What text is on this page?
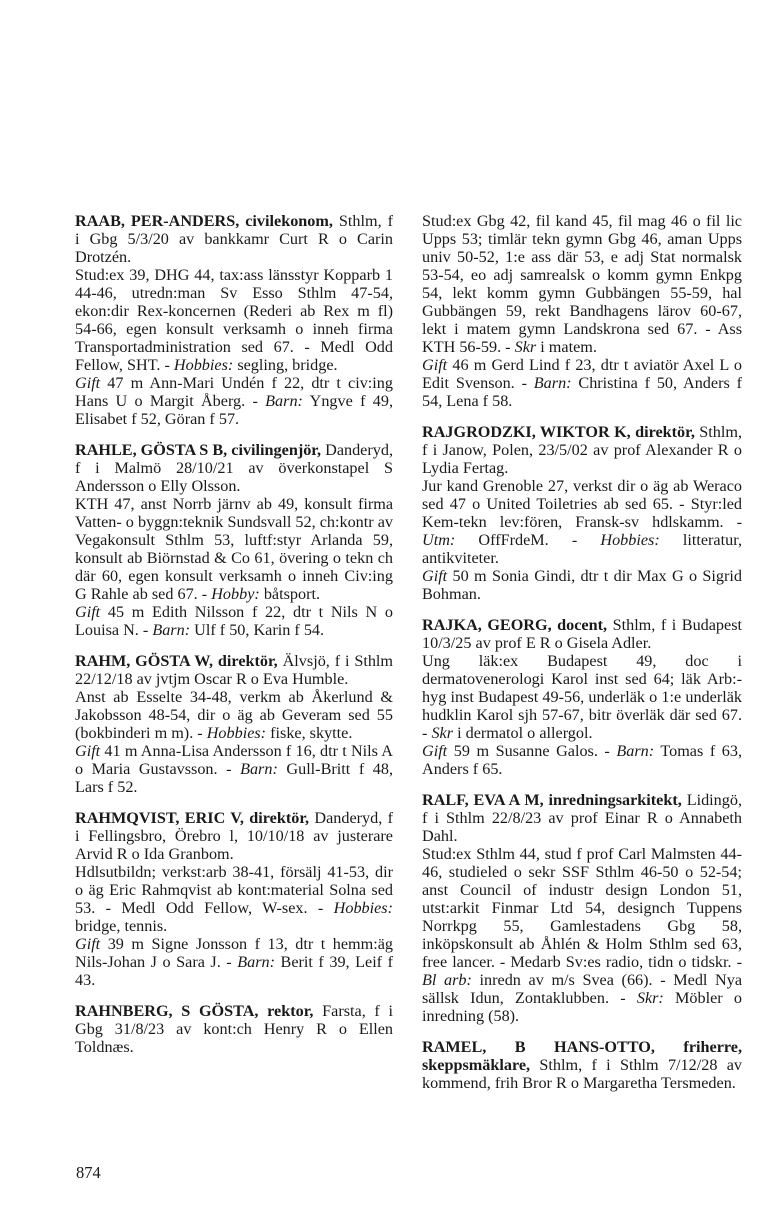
RAAB, PER-ANDERS, civilekonom, Sthlm, f i Gbg 5/3/20 av bankkamr Curt R o Carin Drotzén.

Stud:ex 39, DHG 44, tax:ass länsstyr Kopparb 1 44-46, utredn:man Sv Esso Sthlm 47-54, ekon:dir Rex-koncernen (Rederi ab Rex m fl) 54-66, egen konsult verksamh o inneh firma Transportadministration sed 67. - Medl Odd Fellow, SHT. - Hobbies: segling, bridge.

Gift 47 m Ann-Mari Undén f 22, dtr t civ:ing Hans U o Margit Åberg. - Barn: Yngve f 49, Elisabet f 52, Göran f 57.

RAHLE, GÖSTA S B, civilingenjör, Danderyd, f i Malmö 28/10/21 av överkonstapel S Andersson o Elly Olsson.

KTH 47, anst Norrb järnv ab 49, konsult firma Vatten- o byggn:teknik Sundsvall 52, ch:kontr av Vegakonsult Sthlm 53, luftf:styr Arlanda 59, konsult ab Biörnstad & Co 61, övering o tekn ch där 60, egen konsult verksamh o inneh Civ:ing G Rahle ab sed 67. - Hobby: båtsport.

Gift 45 m Edith Nilsson f 22, dtr t Nils N o Louisa N. - Barn: Ulf f 50, Karin f 54.

RAHM, GÖSTA W, direktör, Älvsjö, f i Sthlm 22/12/18 av jvtjm Oscar R o Eva Humble.

Anst ab Esselte 34-48, verkm ab Åkerlund & Jakobsson 48-54, dir o äg ab Geveram sed 55 (bokbinderi m m). - Hobbies: fiske, skytte.

Gift 41 m Anna-Lisa Andersson f 16, dtr t Nils A o Maria Gustavsson. - Barn: Gull-Britt f 48, Lars f 52.

RAHMQVIST, ERIC V, direktör, Danderyd, f i Fellingsbro, Örebro l, 10/10/18 av justerare Arvid R o Ida Granbom.

Hdlsutbildn; verkst:arb 38-41, försälj 41-53, dir o äg Eric Rahmqvist ab kont:material Solna sed 53. - Medl Odd Fellow, W-sex. - Hobbies: bridge, tennis.

Gift 39 m Signe Jonsson f 13, dtr t hemm:äg Nils-Johan J o Sara J. - Barn: Berit f 39, Leif f 43.

RAHNBERG, S GÖSTA, rektor, Farsta, f i Gbg 31/8/23 av kont:ch Henry R o Ellen Toldnæs.

Stud:ex Gbg 42, fil kand 45, fil mag 46 o fil lic Upps 53; timlär tekn gymn Gbg 46, aman Upps univ 50-52, 1:e ass där 53, e adj Stat normalsk 53-54, eo adj samrealsk o komm gymn Enkpg 54, lekt komm gymn Gubbängen 55-59, hal Gubbängen 59, rekt Bandhagens lärov 60-67, lekt i matem gymn Landskrona sed 67. - Ass KTH 56-59. - Skr i matem.

Gift 46 m Gerd Lind f 23, dtr t aviatör Axel L o Edit Svenson. - Barn: Christina f 50, Anders f 54, Lena f 58.

RAJGRODZKI, WIKTOR K, direktör, Sthlm, f i Janow, Polen, 23/5/02 av prof Alexander R o Lydia Fertag.

Jur kand Grenoble 27, verkst dir o äg ab Weraco sed 47 o United Toiletries ab sed 65. - Styr:led Kem-tekn lev:fören, Fransk-sv hdlskamm. - Utm: OffFrdeM. - Hobbies: litteratur, antikviteter.

Gift 50 m Sonia Gindi, dtr t dir Max G o Sigrid Bohman.

RAJKA, GEORG, docent, Sthlm, f i Budapest 10/3/25 av prof E R o Gisela Adler.

Ung läk:ex Budapest 49, doc i dermatovenerologi Karol inst sed 64; läk Arb:-hyg inst Budapest 49-56, underläk o 1:e underläk hudklin Karol sjh 57-67, bitr överläk där sed 67. - Skr i dermatol o allergol.

Gift 59 m Susanne Galos. - Barn: Tomas f 63, Anders f 65.

RALF, EVA A M, inredningsarkitekt, Lidingö, f i Sthlm 22/8/23 av prof Einar R o Annabeth Dahl.

Stud:ex Sthlm 44, stud f prof Carl Malmsten 44-46, studieled o sekr SSF Sthlm 46-50 o 52-54; anst Council of industr design London 51, utst:arkit Finmar Ltd 54, designch Tuppens Norrkpg 55, Gamlestadens Gbg 58, inköpskonsult ab Åhlén & Holm Sthlm sed 63, free lancer. - Medarb Sv:es radio, tidn o tidskr. - Bl arb: inredn av m/s Svea (66). - Medl Nya sällsk Idun, Zontaklubben. - Skr: Möbler o inredning (58).

RAMEL, B HANS-OTTO, friherre, skeppsmäklare, Sthlm, f i Sthlm 7/12/28 av kommend, frih Bror R o Margaretha Tersmeden.

874
